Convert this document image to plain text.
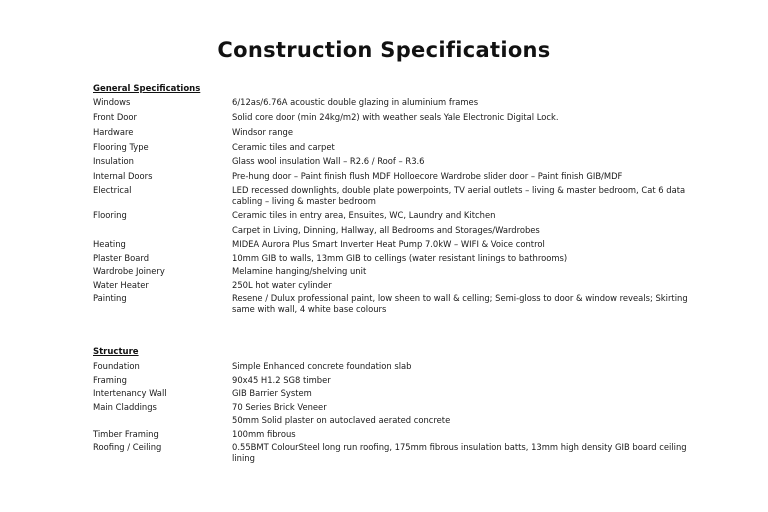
Construction Specifications
General Specifications
Windows	6/12as/6.76A acoustic double glazing in aluminium frames
Front Door	Solid core door (min 24kg/m2) with weather seals Yale Electronic Digital Lock.
Hardware	Windsor range
Flooring Type	Ceramic tiles and carpet
Insulation	Glass wool insulation Wall – R2.6 / Roof – R3.6
Internal Doors	Pre-hung door – Paint finish flush MDF Holloecore Wardrobe slider door – Paint finish GIB/MDF
Electrical	LED recessed downlights, double plate powerpoints, TV aerial outlets – living & master bedroom, Cat 6 data cabling – living & master bedroom
Flooring	Ceramic tiles in entry area, Ensuites, WC, Laundry and Kitchen
Carpet in Living, Dinning, Hallway, all Bedrooms and Storages/Wardrobes
Heating	MIDEA Aurora Plus Smart Inverter Heat Pump 7.0kW – WIFI & Voice control
Plaster Board	10mm GIB to walls, 13mm GIB to cellings (water resistant linings to bathrooms)
Wardrobe Joinery	Melamine hanging/shelving unit
Water Heater	250L hot water cylinder
Painting	Resene / Dulux professional paint, low sheen to wall & celling; Semi-gloss to door & window reveals; Skirting same with wall, 4 white base colours
Structure
Foundation	Simple Enhanced concrete foundation slab
Framing	90x45 H1.2 SG8 timber
Intertenancy Wall	GIB Barrier System
Main Claddings	70 Series Brick Veneer
50mm Solid plaster on autoclaved aerated concrete
Timber Framing	100mm fibrous
Roofing / Ceiling	0.55BMT ColourSteel long run roofing, 175mm fibrous insulation batts, 13mm high density GIB board ceiling lining
